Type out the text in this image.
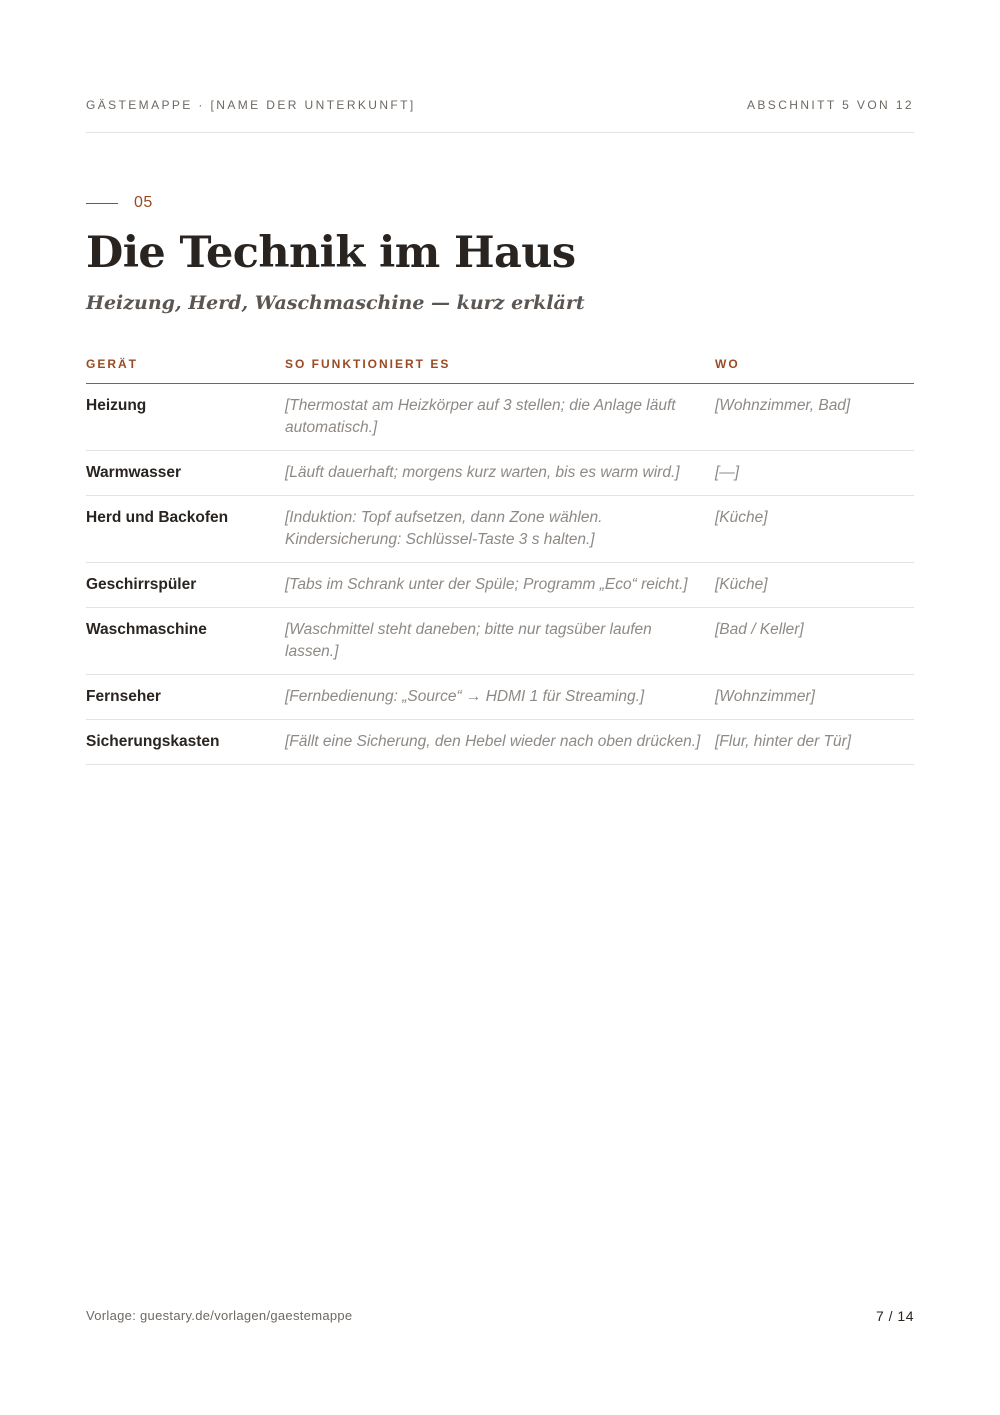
GÄSTEMAPPE · [NAME DER UNTERKUNFT]	ABSCHNITT 5 VON 12
05
Die Technik im Haus

Heizung, Herd, Waschmaschine — kurz erklärt

GERÄT	SO FUNKTIONIERT ES	WO
Heizung	[Thermostat am Heizkörper auf 3 stellen; die Anlage läuft automatisch.]	[Wohnzimmer, Bad]
Warmwasser	[Läuft dauerhaft; morgens kurz warten, bis es warm wird.]	[—]
Herd und Backofen	[Induktion: Topf aufsetzen, dann Zone wählen. Kindersicherung: Schlüssel-Taste 3 s halten.]	[Küche]
Geschirrspüler	[Tabs im Schrank unter der Spüle; Programm „Eco“ reicht.]	[Küche]
Waschmaschine	[Waschmittel steht daneben; bitte nur tagsüber laufen lassen.]	[Bad / Keller]
Fernseher	[Fernbedienung: „Source“ → HDMI 1 für Streaming.]	[Wohnzimmer]
Sicherungskasten	[Fällt eine Sicherung, den Hebel wieder nach oben drücken.]	[Flur, hinter der Tür]
Vorlage: guestary.de/vorlagen/gaestemappe	7 / 14
